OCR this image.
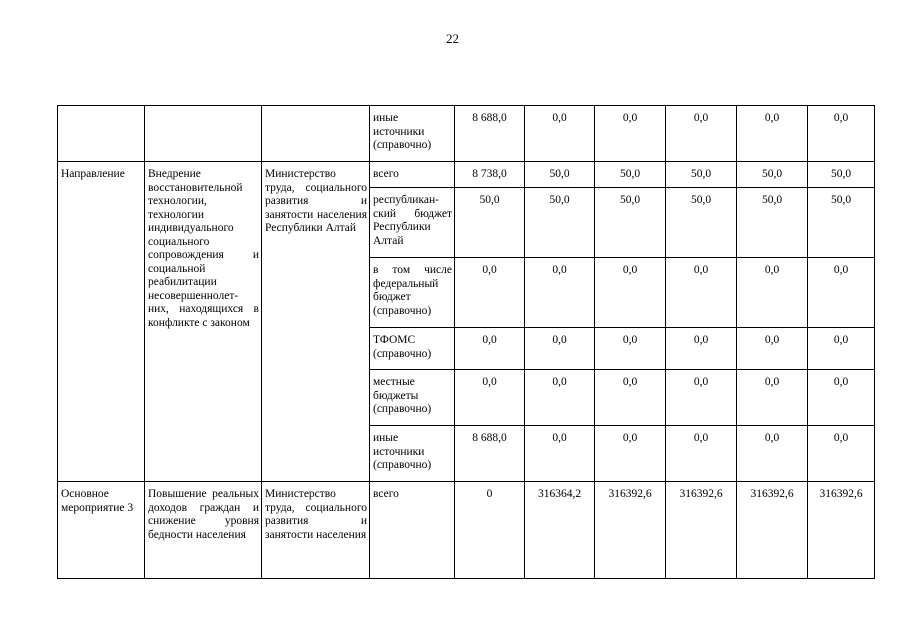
22
			иные источники (справочно)	8 688,0	0,0	0,0	0,0	0,0	0,0
Направление	Внедрение восстановительной технологии, технологии индивидуального социального сопровождения и социальной реабилитации несовершеннолет- них, находящихся в конфликте с законом	Министерство труда, социального развития и занятости населения Республики Алтай	всего	8 738,0	50,0	50,0	50,0	50,0	50,0
			республикан- ский бюджет Республики Алтай	50,0	50,0	50,0	50,0	50,0	50,0
			в том числе федеральный бюджет (справочно)	0,0	0,0	0,0	0,0	0,0	0,0
			ТФОМС (справочно)	0,0	0,0	0,0	0,0	0,0	0,0
			местные бюджеты (справочно)	0,0	0,0	0,0	0,0	0,0	0,0
			иные источники (справочно)	8 688,0	0,0	0,0	0,0	0,0	0,0
Основное мероприятие 3	Повышение реальных доходов граждан и снижение уровня бедности населения	Министерство труда, социального развития и занятости населения	всего	0	316364,2	316392,6	316392,6	316392,6	316392,6
